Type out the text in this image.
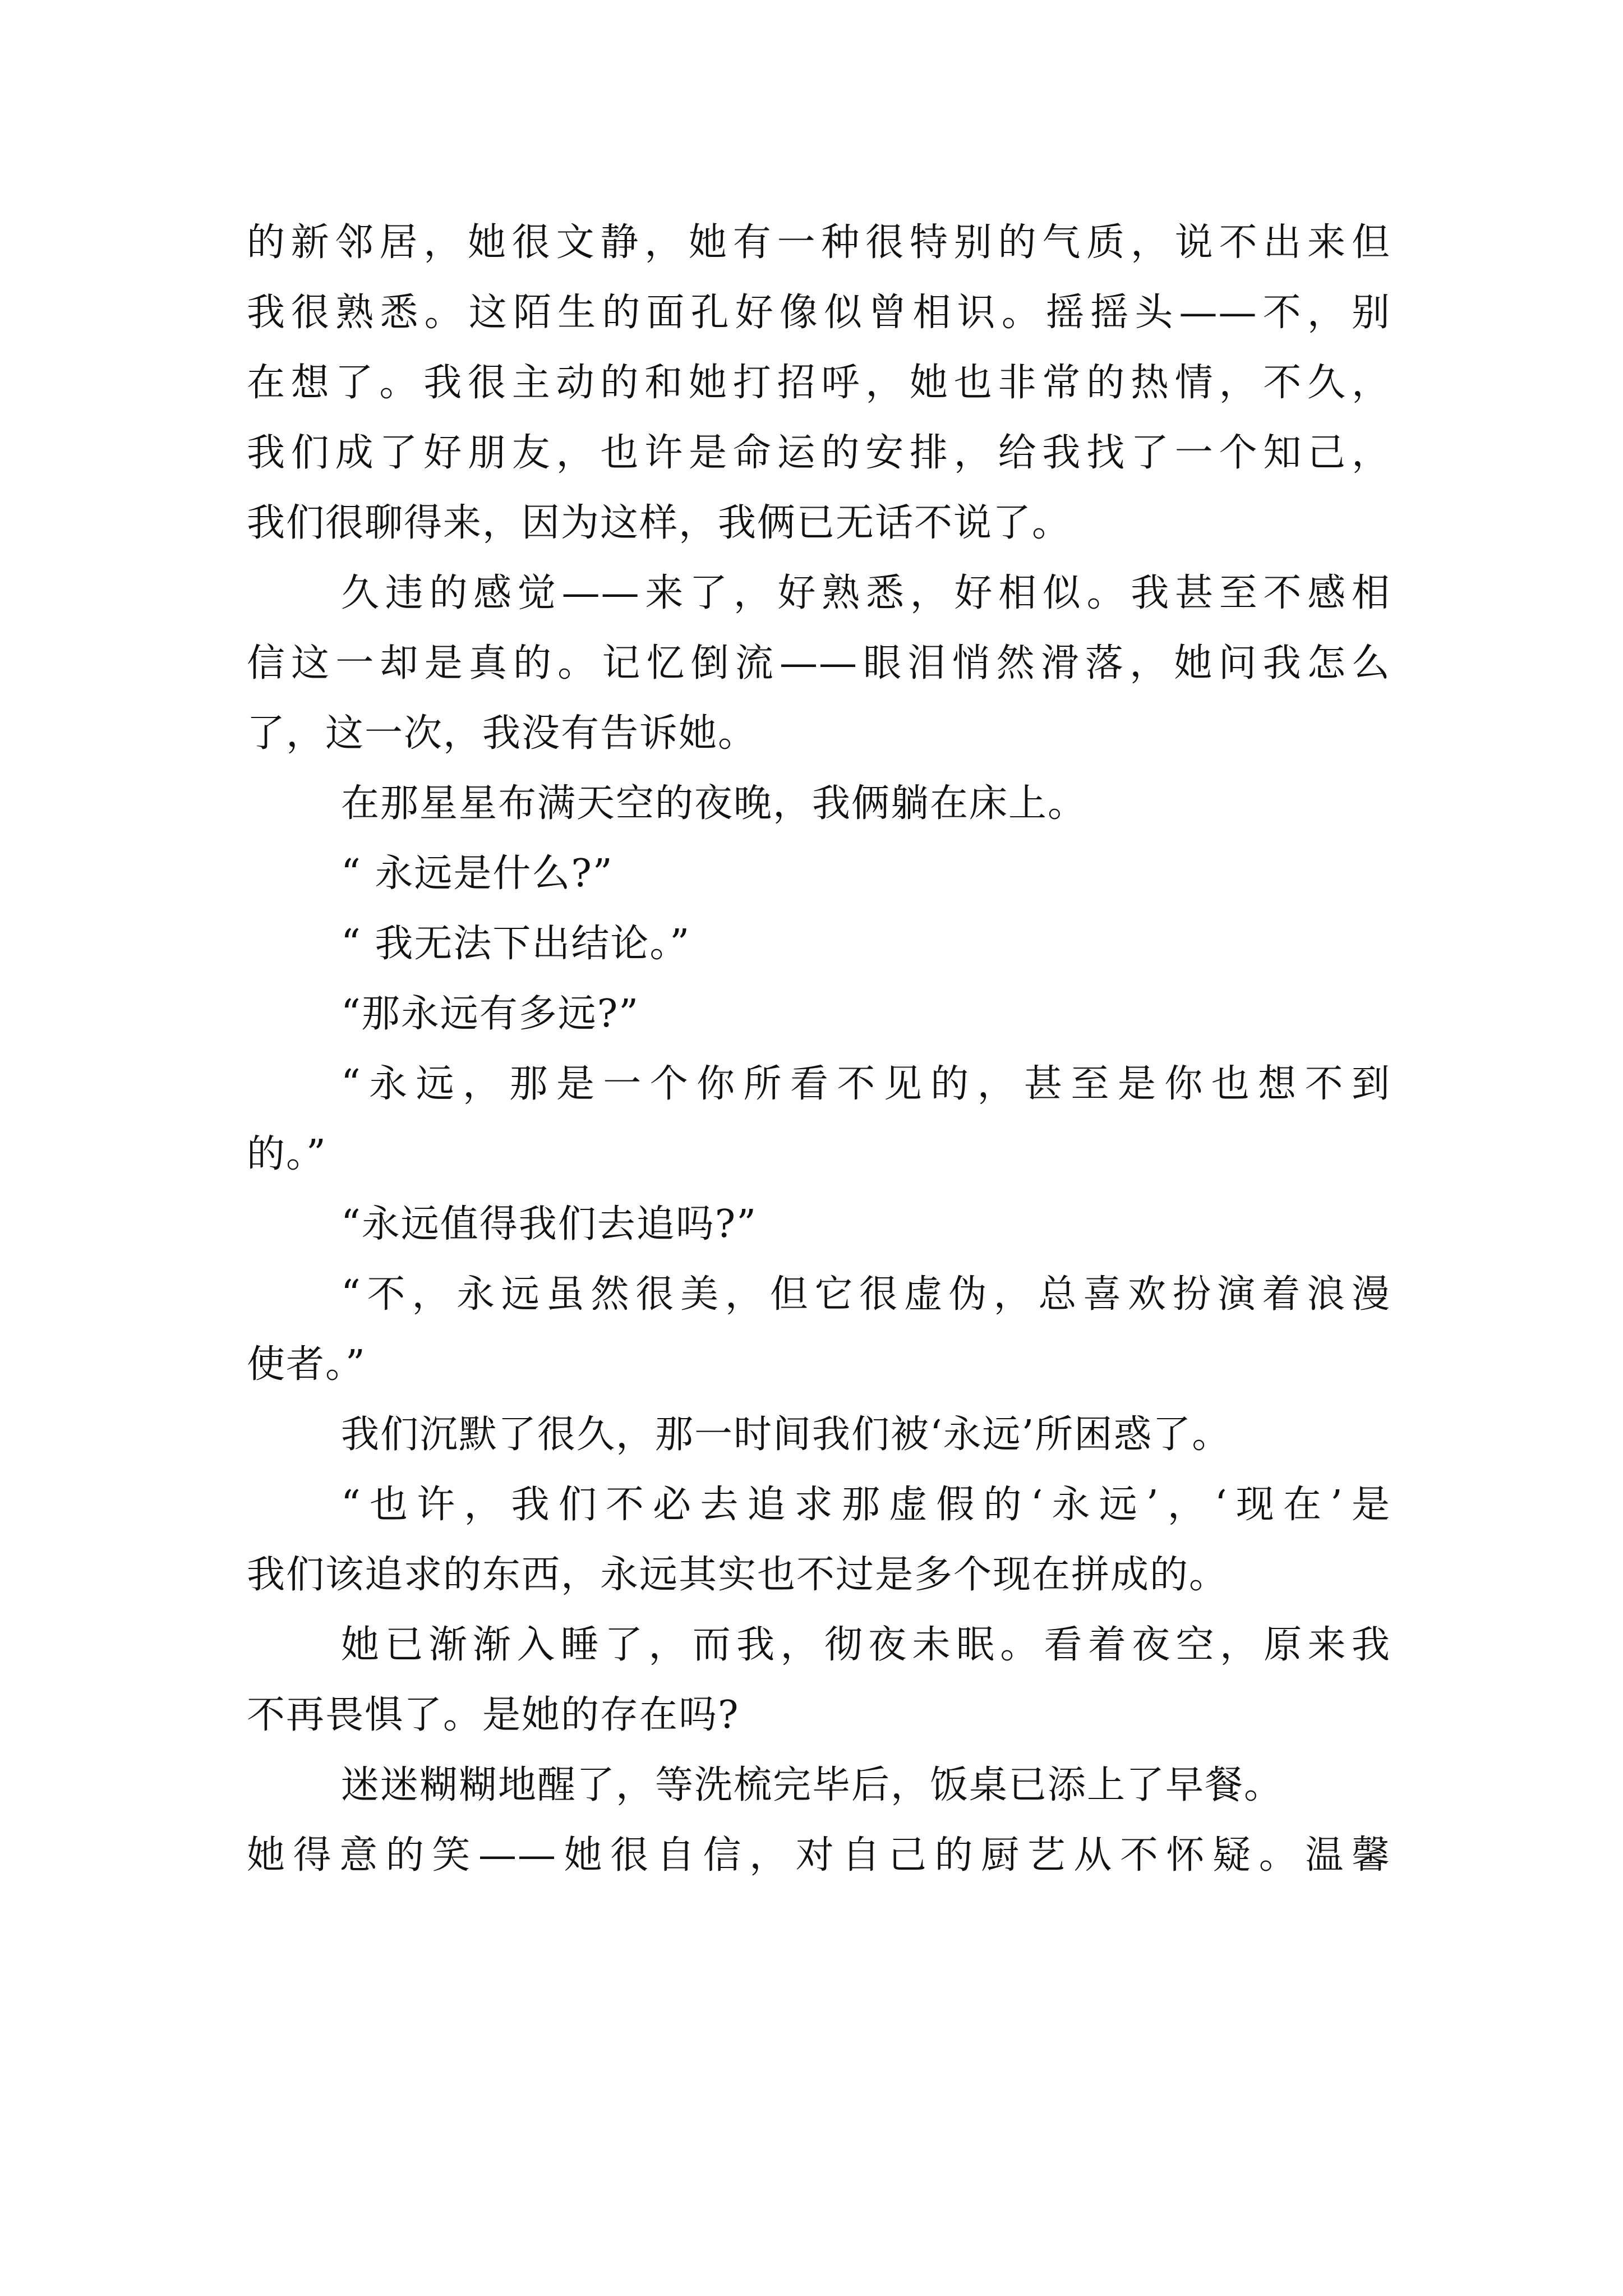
的新邻居，她很文静，她有一种很特别的气质，说不出来但
我很熟悉。这陌生的面孔好像似曾相识。摇摇头——不，别
在想了。我很主动的和她打招呼，她也非常的热情，不久，
我们成了好朋友，也许是命运的安排，给我找了一个知己，
我们很聊得来，因为这样，我俩已无话不说了。
久违的感觉——来了，好熟悉，好相似。我甚至不感相
信这一却是真的。记忆倒流——眼泪悄然滑落，她问我怎么
了，这一次，我没有告诉她。
在那星星布满天空的夜晚，我俩躺在床上。
“ 永远是什么?”
“ 我无法下出结论。”
“那永远有多远?”
“永远，那是一个你所看不见的，甚至是你也想不到
的。”
“永远值得我们去追吗?”
“不，永远虽然很美，但它很虚伪，总喜欢扮演着浪漫
使者。”
我们沉默了很久，那一时间我们被‘永远’所困惑了。
“也许，我们不必去追求那虚假的‘永远’，‘现在’是
我们该追求的东西，永远其实也不过是多个现在拼成的。
她已渐渐入睡了，而我，彻夜未眠。看着夜空，原来我
不再畏惧了。是她的存在吗?
迷迷糊糊地醒了，等洗梳完毕后，饭桌已添上了早餐。
她得意的笑——她很自信，对自己的厨艺从不怀疑。温馨
